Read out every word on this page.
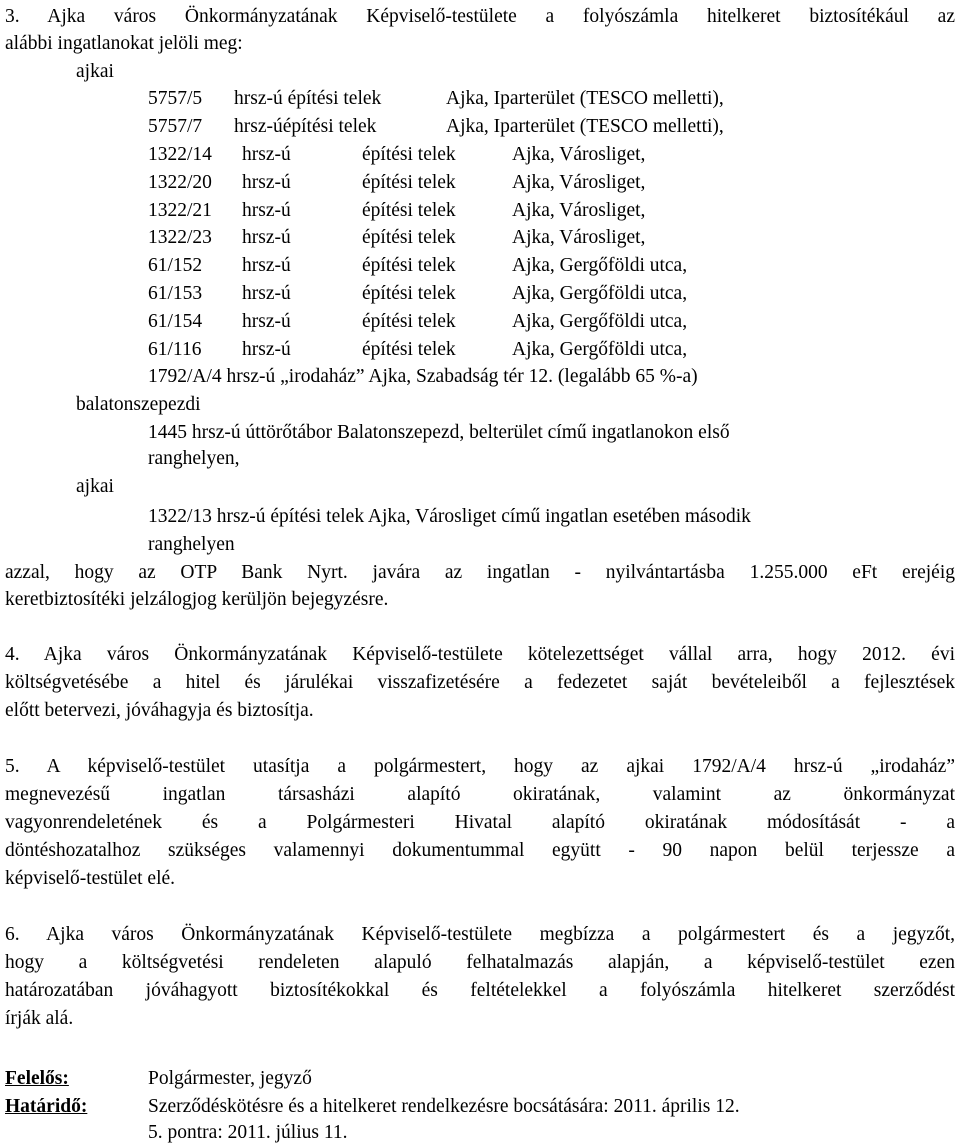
3. Ajka város Önkormányzatának Képviselő-testülete a folyószámla hitelkeret biztosítékául az
alábbi ingatlanokat jelöli meg:
ajkai
5757/5 hrsz-ú építési telek	Ajka, Iparterület (TESCO melletti),
5757/7 hrsz-úépítési telek	Ajka, Iparterület (TESCO melletti),
1322/14 hrsz-ú	építési telek	Ajka, Városliget,
1322/20 hrsz-ú	építési telek	Ajka, Városliget,
1322/21 hrsz-ú	építési telek	Ajka, Városliget,
1322/23 hrsz-ú	építési telek	Ajka, Városliget,
61/152 hrsz-ú	építési telek	Ajka, Gergőföldi utca,
61/153 hrsz-ú	építési telek	Ajka, Gergőföldi utca,
61/154 hrsz-ú	építési telek	Ajka, Gergőföldi utca,
61/116 hrsz-ú	építési telek	Ajka, Gergőföldi utca,
1792/A/4 hrsz-ú „irodaház” Ajka, Szabadság tér 12. (legalább 65 %-a)
balatonszepezdi
1445 hrsz-ú úttörőtábor Balatonszepezd, belterület című ingatlanokon első
ranghelyen,
ajkai
1322/13 hrsz-ú építési telek Ajka, Városliget című ingatlan esetében második
ranghelyen
azzal, hogy az OTP Bank Nyrt. javára az ingatlan - nyilvántartásba 1.255.000 eFt erejéig
keretbiztosítéki jelzálogjog kerüljön bejegyzésre.
4. Ajka város Önkormányzatának Képviselő-testülete kötelezettséget vállal arra, hogy 2012. évi
költségvetésébe a hitel és járulékai visszafizetésére a fedezetet saját bevételeiből a fejlesztések
előtt betervezi, jóváhagyja és biztosítja.
5. A képviselő-testület utasítja a polgármestert, hogy az ajkai 1792/A/4 hrsz-ú „irodaház”
megnevezésű ingatlan társasházi alapító okiratának, valamint az önkormányzat
vagyonrendeletének és a Polgármesteri Hivatal alapító okiratának módosítását - a
döntéshozatalhoz szükséges valamennyi dokumentummal együtt - 90 napon belül terjessze a
képviselő-testület elé.
6. Ajka város Önkormányzatának Képviselő-testülete megbízza a polgármestert és a jegyzőt,
hogy a költségvetési rendeleten alapuló felhatalmazás alapján, a képviselő-testület ezen
határozatában jóváhagyott biztosítékokkal és feltételekkel a folyószámla hitelkeret szerződést
írják alá.
Felelős:	Polgármester, jegyző
Határidő:	Szerződéskötésre és a hitelkeret rendelkezésre bocsátására: 2011. április 12.
5. pontra: 2011. július 11.
